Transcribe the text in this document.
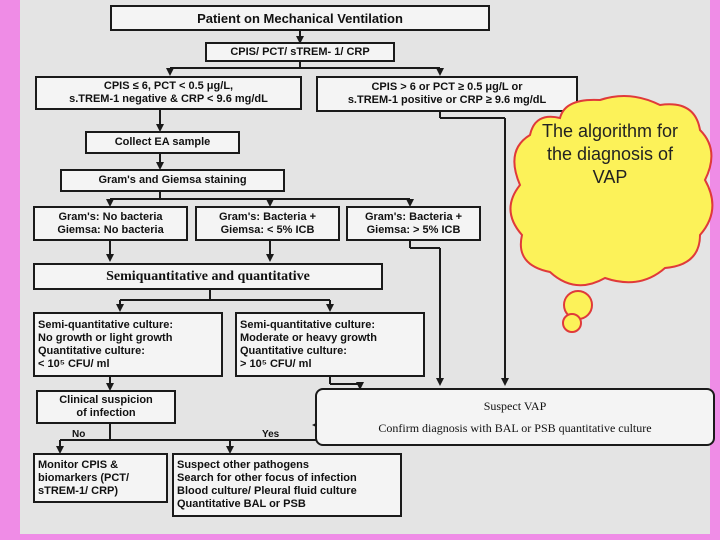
Patient on Mechanical Ventilation
CPIS/ PCT/ sTREM- 1/ CRP
CPIS ≤ 6, PCT < 0.5 μg/L,
s.TREM-1 negative & CRP < 9.6 mg/dL
CPIS > 6 or PCT ≥ 0.5 μg/L or
s.TREM-1 positive or CRP ≥ 9.6 mg/dL
Collect EA sample
Gram's and Giemsa staining
Gram's: No bacteria
Giemsa: No bacteria
Gram's: Bacteria +
Giemsa: < 5% ICB
Gram's: Bacteria +
Giemsa: > 5% ICB
Semiquantitative and quantitative
Semi-quantitative culture:
No growth or light growth
Quantitative culture:
< 10⁵ CFU/ ml
Semi-quantitative culture:
Moderate or heavy growth
Quantitative culture:
> 10⁵ CFU/ ml
Clinical suspicion
of infection
No	Yes
Monitor CPIS &
biomarkers (PCT/
sTREM-1/ CRP)
Suspect other pathogens
Search for other focus of infection
Blood culture/ Pleural fluid culture
Quantitative BAL or PSB
Suspect VAP
Confirm diagnosis with BAL or PSB quantitative culture
The algorithm for the diagnosis of VAP
